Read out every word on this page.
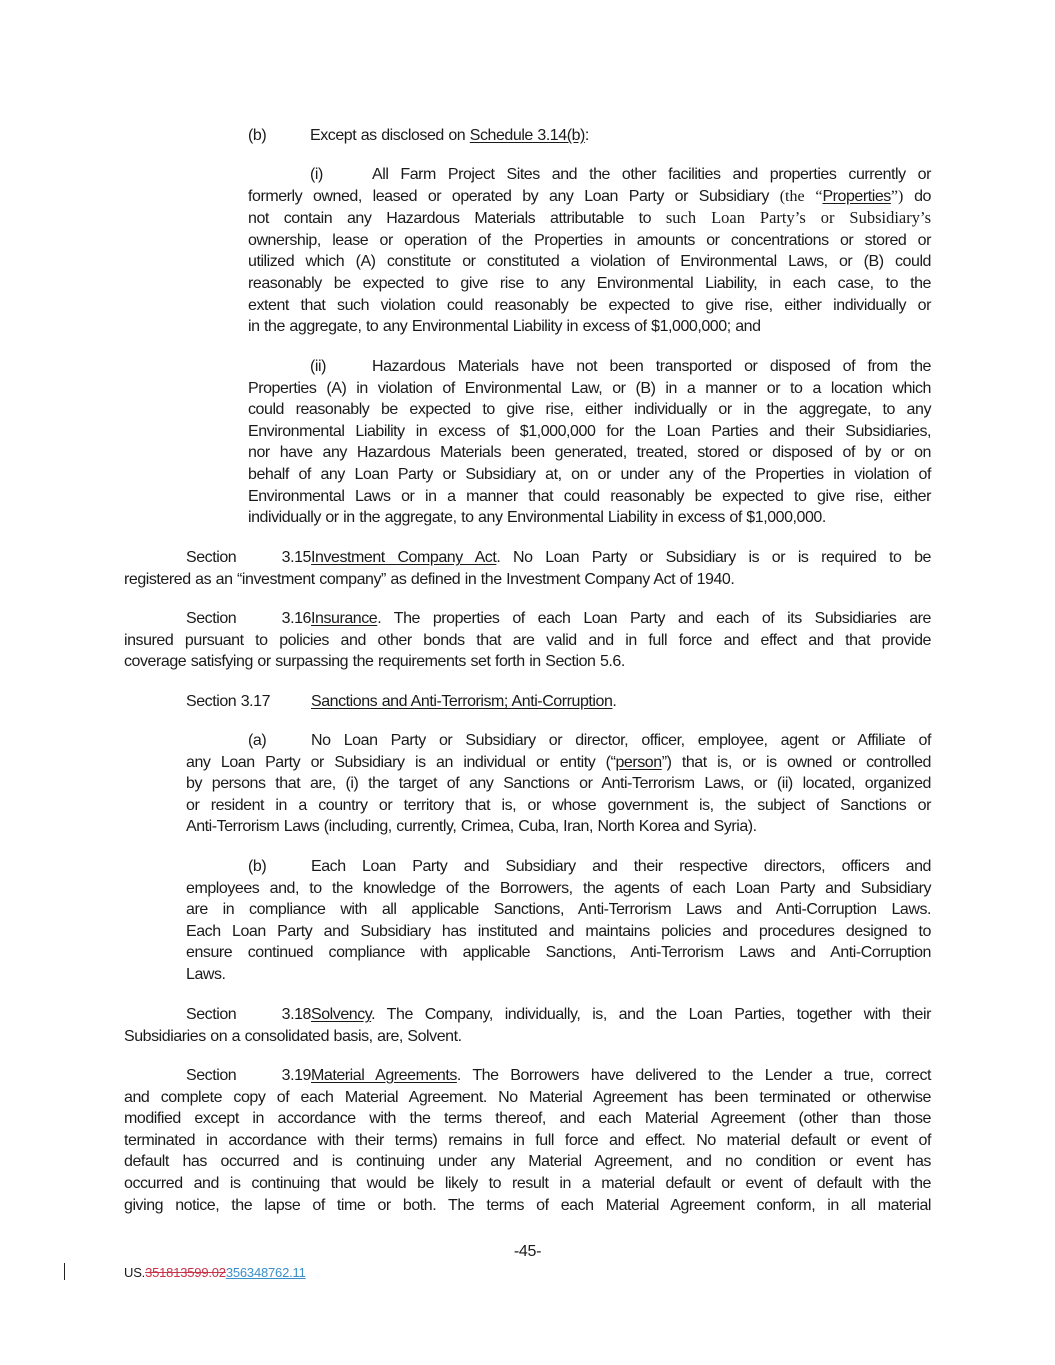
(b)	Except as disclosed on Schedule 3.14(b):
(i)	All Farm Project Sites and the other facilities and properties currently or
formerly owned, leased or operated by any Loan Party or Subsidiary (the “Properties”) do
not contain any Hazardous Materials attributable to such Loan Party’s or Subsidiary’s
ownership, lease or operation of the Properties in amounts or concentrations or stored or
utilized which (A) constitute or constituted a violation of Environmental Laws, or (B) could
reasonably be expected to give rise to any Environmental Liability, in each case, to the
extent that such violation could reasonably be expected to give rise, either individually or
in the aggregate, to any Environmental Liability in excess of $1,000,000; and
(ii)	Hazardous Materials have not been transported or disposed of from the
Properties (A) in violation of Environmental Law, or (B) in a manner or to a location which
could reasonably be expected to give rise, either individually or in the aggregate, to any
Environmental Liability in excess of $1,000,000 for the Loan Parties and their Subsidiaries,
nor have any Hazardous Materials been generated, treated, stored or disposed of by or on
behalf of any Loan Party or Subsidiary at, on or under any of the Properties in violation of
Environmental Laws or in a manner that could reasonably be expected to give rise, either
individually or in the aggregate, to any Environmental Liability in excess of $1,000,000.
Section 3.15Investment Company Act. No Loan Party or Subsidiary is or is required to be
registered as an “investment company” as defined in the Investment Company Act of 1940.
Section 3.16Insurance. The properties of each Loan Party and each of its Subsidiaries are
insured pursuant to policies and other bonds that are valid and in full force and effect and that provide
coverage satisfying or surpassing the requirements set forth in Section 5.6.
Section 3.17	Sanctions and Anti-Terrorism; Anti-Corruption.
(a)	No Loan Party or Subsidiary or director, officer, employee, agent or Affiliate of
any Loan Party or Subsidiary is an individual or entity (“person”) that is, or is owned or controlled
by persons that are, (i) the target of any Sanctions or Anti-Terrorism Laws, or (ii) located, organized
or resident in a country or territory that is, or whose government is, the subject of Sanctions or
Anti-Terrorism Laws (including, currently, Crimea, Cuba, Iran, North Korea and Syria).
(b)	Each Loan Party and Subsidiary and their respective directors, officers and
employees and, to the knowledge of the Borrowers, the agents of each Loan Party and Subsidiary
are in compliance with all applicable Sanctions, Anti-Terrorism Laws and Anti-Corruption Laws.
Each Loan Party and Subsidiary has instituted and maintains policies and procedures designed to
ensure continued compliance with applicable Sanctions, Anti-Terrorism Laws and Anti-Corruption
Laws.
Section 3.18Solvency. The Company, individually, is, and the Loan Parties, together with their
Subsidiaries on a consolidated basis, are, Solvent.
Section 3.19Material Agreements. The Borrowers have delivered to the Lender a true, correct
and complete copy of each Material Agreement. No Material Agreement has been terminated or otherwise
modified except in accordance with the terms thereof, and each Material Agreement (other than those
terminated in accordance with their terms) remains in full force and effect. No material default or event of
default has occurred and is continuing under any Material Agreement, and no condition or event has
occurred and is continuing that would be likely to result in a material default or event of default with the
giving notice, the lapse of time or both. The terms of each Material Agreement conform, in all material
-45-
US.351813599.02356348762.11
